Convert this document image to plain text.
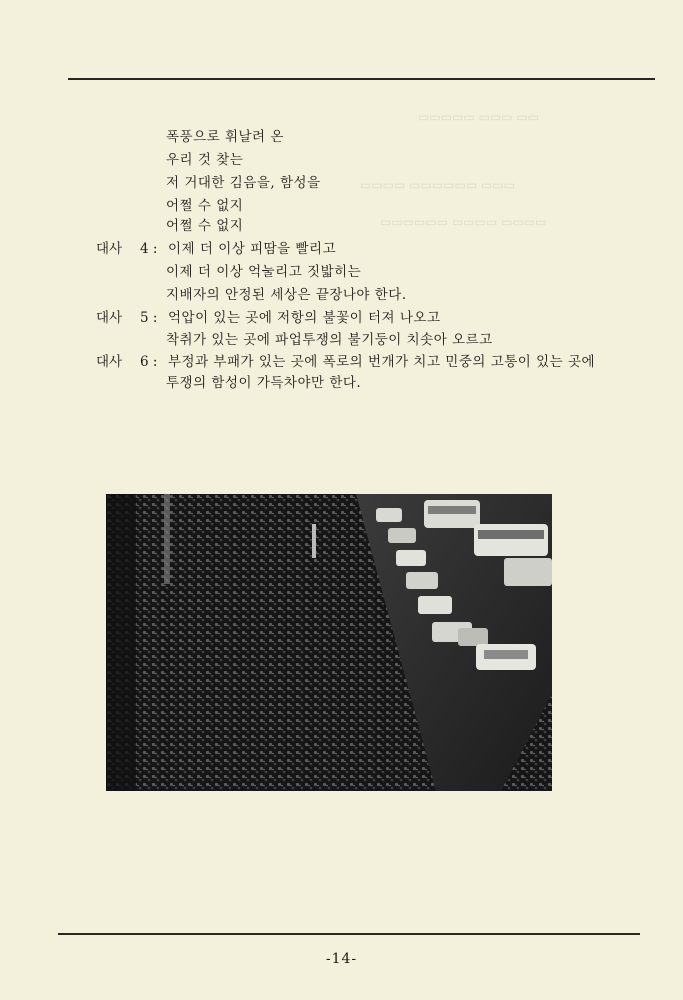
▭▭▭▭▭ ▭▭▭ ▭▭
▭▭▭▭ ▭▭▭▭▭▭ ▭▭▭
▭▭▭▭▭▭ ▭▭▭▭ ▭▭▭▭
폭풍으로 휘날려 온
우리 것 찾는
저 거대한 김음을, 함성을
어쩔 수 없지
어쩔 수 없지
대사 4 : 이제 더 이상 피땀을 빨리고
이제 더 이상 억눌리고 짓밟히는
지배자의 안정된 세상은 끝장나야 한다.
대사 5 : 억압이 있는 곳에 저항의 불꽃이 터져 나오고
착취가 있는 곳에 파업투쟁의 불기둥이 치솟아 오르고
대사 6 : 부정과 부패가 있는 곳에 폭로의 번개가 치고 민중의 고통이 있는 곳에
투쟁의 함성이 가득차야만 한다.
-14-
